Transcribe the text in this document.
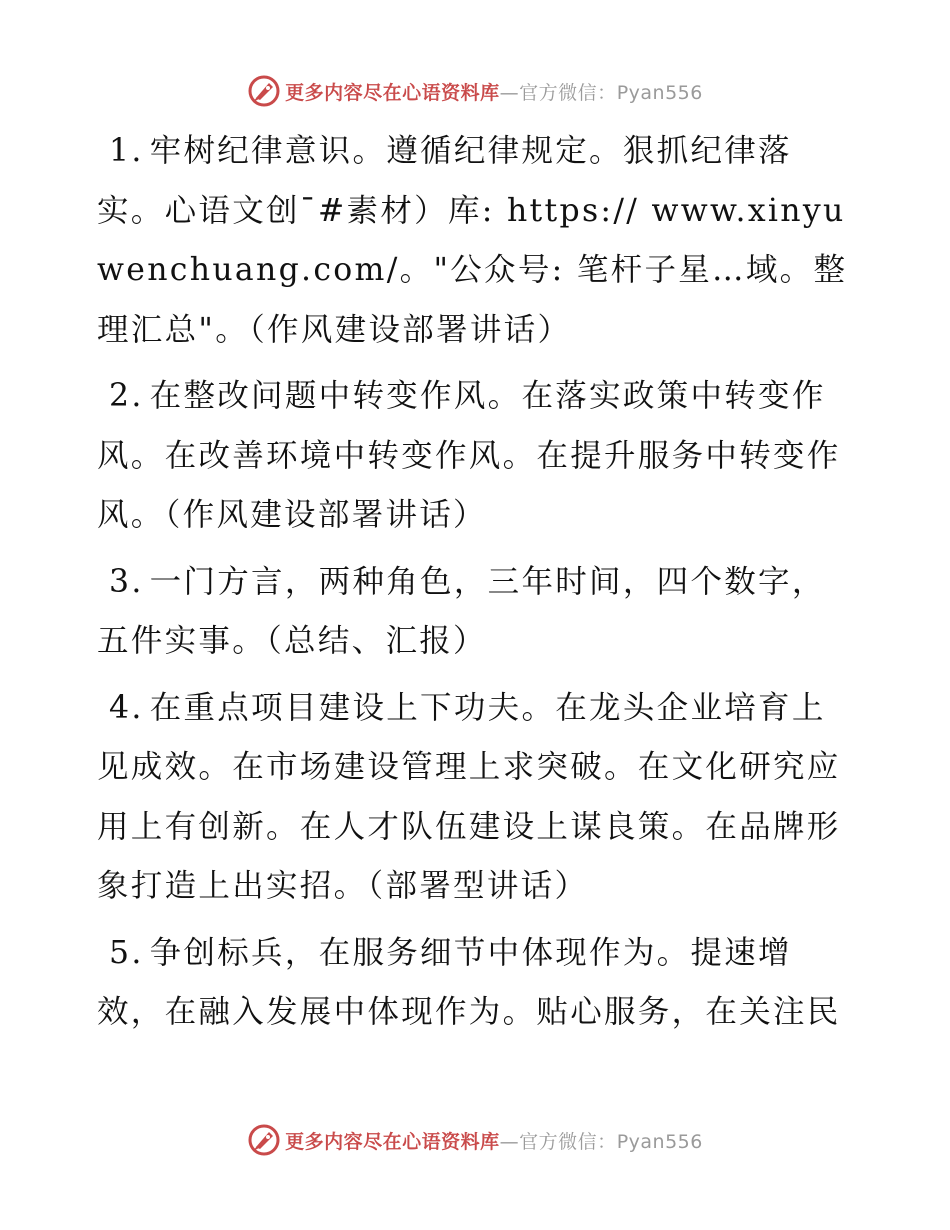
更多内容尽在心语资料库—官方微信：Pyan556

1. 牢树纪律意识。遵循纪律规定。狠抓纪律落实。心语文创¯#素材）库: https:// www.xinyuwenchuang.com/。"公众号: 笔杆子星…域。整理汇总"。（作风建设部署讲话）

2. 在整改问题中转变作风。在落实政策中转变作风。在改善环境中转变作风。在提升服务中转变作风。（作风建设部署讲话）

3. 一门方言，两种角色，三年时间，四个数字，五件实事。（总结、汇报）

4. 在重点项目建设上下功夫。在龙头企业培育上见成效。在市场建设管理上求突破。在文化研究应用上有创新。在人才队伍建设上谋良策。在品牌形象打造上出实招。（部署型讲话）

5. 争创标兵，在服务细节中体现作为。提速增效，在融入发展中体现作为。贴心服务，在关注民

更多内容尽在心语资料库—官方微信：Pyan556
